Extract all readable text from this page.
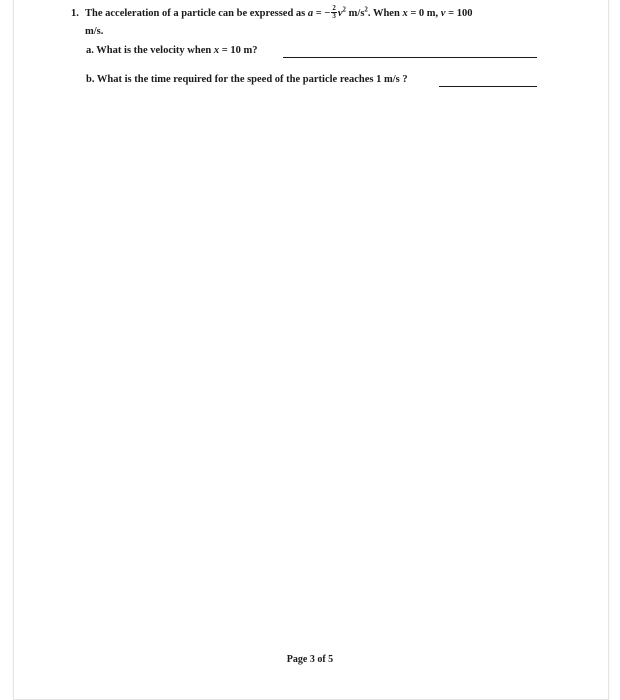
1. The acceleration of a particle can be expressed as a = − $\frac{2}{3} v^2$ $m/s^2$. When x = 0 m, v = 100
m/s.
a. What is the velocity when x = 10 m?
b. What is the time required for the speed of the particle reaches 1 m/s ?
Page 3 of 5
